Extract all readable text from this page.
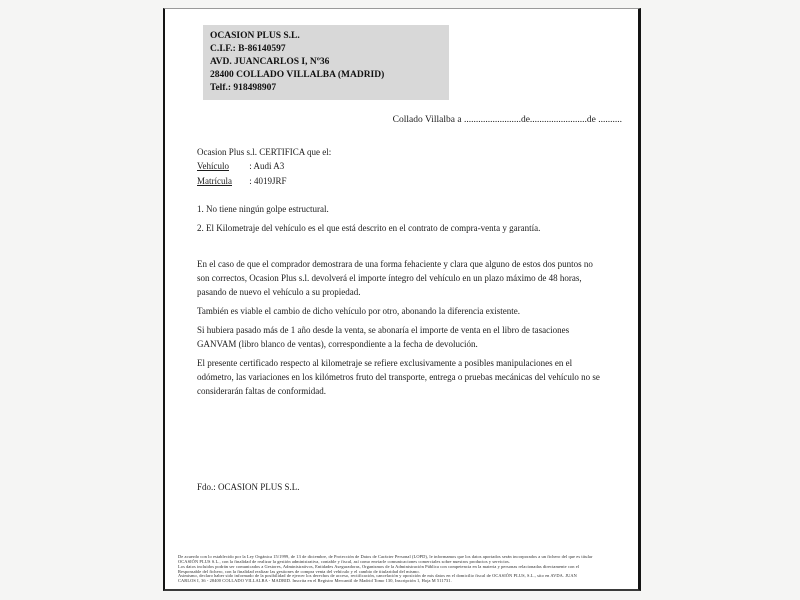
OCASION PLUS S.L.
C.I.F.: B-86140597
AVD. JUANCARLOS I, Nº36
28400 COLLADO VILLALBA (MADRID)
Telf.: 918498907
Collado Villalba a ........................de........................de ..........
Ocasion Plus s.l. CERTIFICA que el:
Vehículo : Audi A3
Matrícula : 4019JRF
1. No tiene ningún golpe estructural.
2. El Kilometraje del vehículo es el que está descrito en el contrato de compra-venta y garantía.

En el caso de que el comprador demostrara de una forma fehaciente y clara que alguno de estos dos puntos no son correctos, Ocasion Plus s.l. devolverá el importe íntegro del vehículo en un plazo máximo de 48 horas, pasando de nuevo el vehículo a su propiedad.

También es viable el cambio de dicho vehículo por otro, abonando la diferencia existente.

Si hubiera pasado más de 1 año desde la venta, se abonaría el importe de venta en el libro de tasaciones GANVAM (libro blanco de ventas), correspondiente a la fecha de devolución.

El presente certificado respecto al kilometraje se refiere exclusivamente a posibles manipulaciones en el odómetro, las variaciones en los kilómetros fruto del transporte, entrega o pruebas mecánicas del vehículo no se considerarán faltas de conformidad.

Fdo.: OCASION PLUS S.L.
De acuerdo con lo establecido por la Ley Orgánica 15/1999, de 13 de diciembre, de Protección de Datos de Carácter Personal (LOPD), le informamos que los datos aportados serán incorporados a un fichero del que es titular
OCASIÓN PLUS S.L., con la finalidad de realizar la gestión administrativa, contable y fiscal, así como enviarle comunicaciones comerciales sobre nuestros productos y servicios.
Los datos incluidos podrán ser comunicados a Gestores, Administrativos, Entidades Aseguradoras, Organismos de la Administración Pública con competencia en la materia y personas relacionadas directamente con el
Responsable del fichero, con la finalidad realizar las gestiones de compra venta del vehículo y el cambio de titularidad del mismo.
Asimismo, declaro haber sido informado de la posibilidad de ejercer los derechos de acceso, rectificación, cancelación y oposición de mis datos en el domicilio fiscal de OCASIÓN PLUS, S.L., sito en AVDA. JUAN
CARLOS I, 36 - 28400 COLLADO VILLALBA - MADRID. Inscrita en el Registro Mercantil de Madrid Tomo 130, Inscripción 1, Hoja M 511731.
